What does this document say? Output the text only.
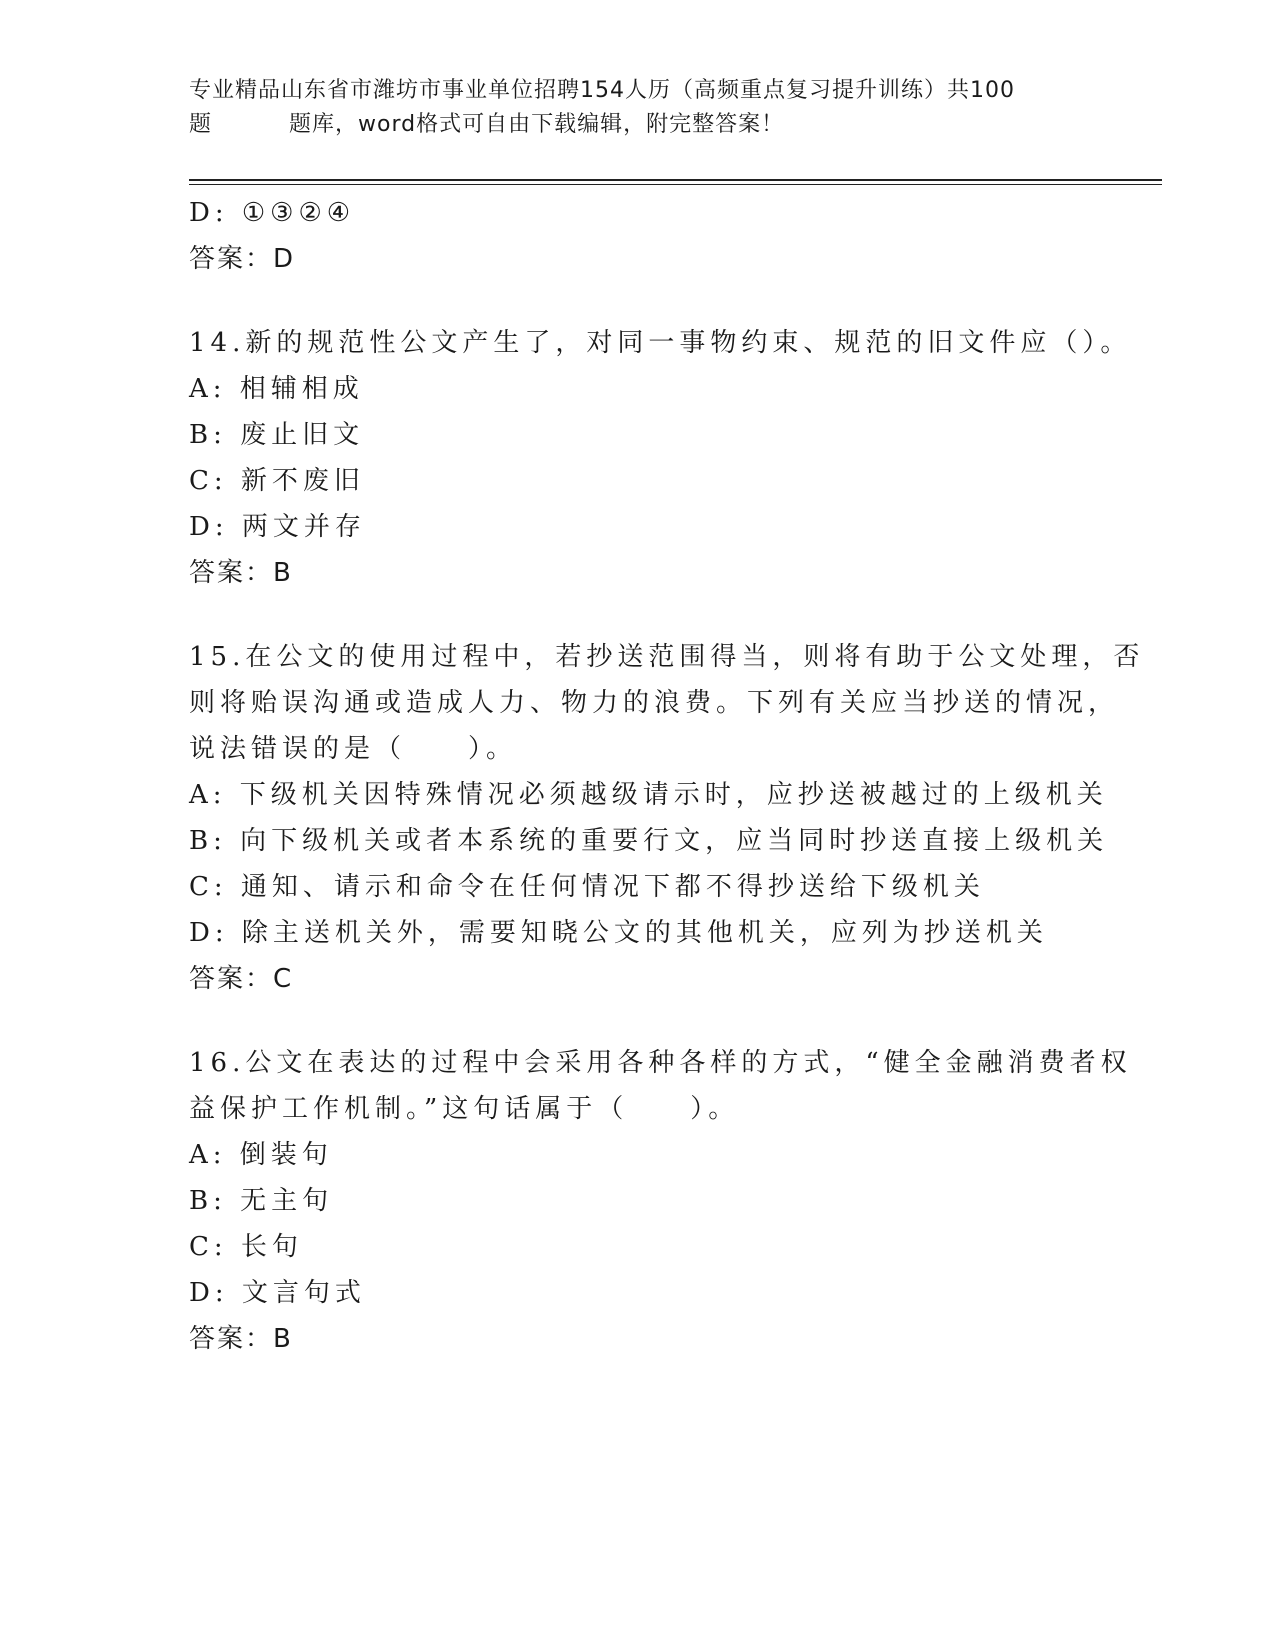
专业精品山东省市潍坊市事业单位招聘154人历（高频重点复习提升训练）共100
题	题库，word格式可自由下载编辑，附完整答案！
D: ①③②④
答案：D
14.新的规范性公文产生了，对同一事物约束、规范的旧文件应（）。
A: 相辅相成
B: 废止旧文
C: 新不废旧
D: 两文并存
答案：B
15.在公文的使用过程中，若抄送范围得当，则将有助于公文处理，否
则将贻误沟通或造成人力、物力的浪费。下列有关应当抄送的情况，
说法错误的是（　　）。
A: 下级机关因特殊情况必须越级请示时，应抄送被越过的上级机关
B: 向下级机关或者本系统的重要行文，应当同时抄送直接上级机关
C: 通知、请示和命令在任何情况下都不得抄送给下级机关
D: 除主送机关外，需要知晓公文的其他机关，应列为抄送机关
答案：C
16.公文在表达的过程中会采用各种各样的方式，“健全金融消费者权
益保护工作机制。”这句话属于（　　）。
A: 倒装句
B: 无主句
C: 长句
D: 文言句式
答案：B
